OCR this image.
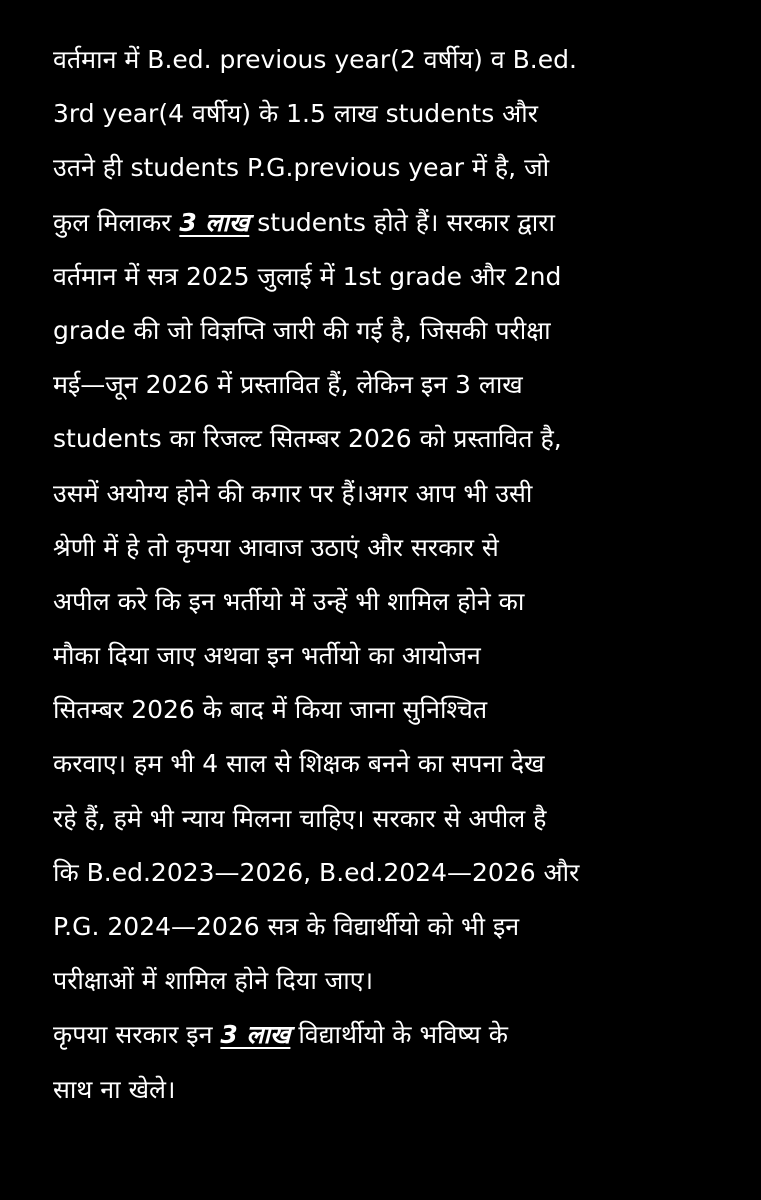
वर्तमान में B.ed. previous year(2 वर्षीय) व B.ed.
3rd year(4 वर्षीय) के 1.5 लाख students और
उतने ही students P.G.previous year में है, जो
कुल मिलाकर 3 लाख students होते हैं। सरकार द्वारा
वर्तमान में सत्र 2025 जुलाई में 1st grade और 2nd
grade की जो विज्ञप्ति जारी की गई है, जिसकी परीक्षा
मई—जून 2026 में प्रस्तावित हैं, लेकिन इन 3 लाख
students का रिजल्ट सितम्बर 2026 को प्रस्तावित है,
उसमें अयोग्य होने की कगार पर हैं।अगर आप भी उसी
श्रेणी में हे तो कृपया आवाज उठाएं और सरकार से
अपील करे कि इन भर्तीयो में उन्हें भी शामिल होने का
मौका दिया जाए अथवा इन भर्तीयो का आयोजन
सितम्बर 2026 के बाद में किया जाना सुनिश्चित
करवाए। हम भी 4 साल से शिक्षक बनने का सपना देख
रहे हैं, हमे भी न्याय मिलना चाहिए। सरकार से अपील है
कि B.ed.2023—2026, B.ed.2024—2026 और
P.G. 2024—2026 सत्र के विद्यार्थीयो को भी इन
परीक्षाओं में शामिल होने दिया जाए।
कृपया सरकार इन 3 लाख विद्यार्थीयो के भविष्य के
साथ ना खेले।
